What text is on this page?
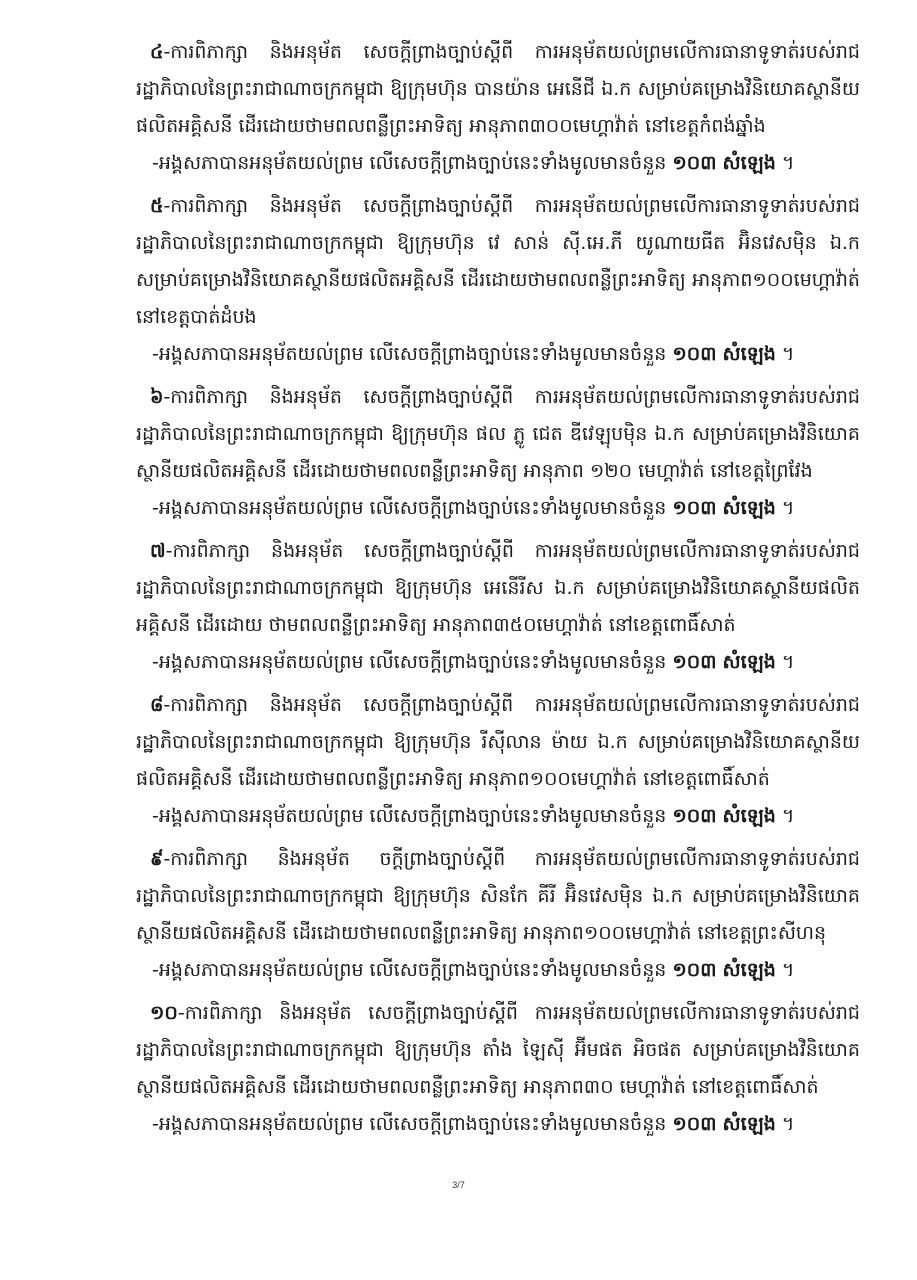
៤-ការពិភាក្សា និងអនុម័ត សេចក្តីព្រាងច្បាប់ស្តីពី ការអនុម័តយល់ព្រមលើការធានាទូទាត់របស់រាជរដ្ឋាភិបាលនៃព្រះរាជាណាចក្រកម្ពុជា ឱ្យក្រុមហ៊ុន បានយ៉ាន អេនើជី ឯ.ក សម្រាប់គម្រោងវិនិយោគស្ថានីយផលិតអគ្គិសនី ដើរដោយថាមពលពន្លឺព្រះអាទិត្យ អានុភាព៣០០មេហ្គាវ៉ាត់ នៅខេត្តកំពង់ឆ្នាំង

-អង្គសភាបានអនុម័តយល់ព្រម លើសេចក្តីព្រាងច្បាប់នេះទាំងមូលមានចំនួន ១០៣ សំឡេង ។

៥-ការពិភាក្សា និងអនុម័ត សេចក្តីព្រាងច្បាប់ស្តីពី ការអនុម័តយល់ព្រមលើការធានាទូទាត់របស់រាជរដ្ឋាភិបាលនៃព្រះរាជាណាចក្រកម្ពុជា ឱ្យក្រុមហ៊ុន វេ សាន់ ស៊ី.អេ.ភី យូណាយធីត អ៊ិនវេសម៉ិន ឯ.ក សម្រាប់គម្រោងវិនិយោគស្ថានីយផលិតអគ្គិសនី ដើរដោយថាមពលពន្លឺព្រះអាទិត្យ អានុភាព១០០មេហ្គាវ៉ាត់ នៅខេត្តបាត់ដំបង

-អង្គសភាបានអនុម័តយល់ព្រម លើសេចក្តីព្រាងច្បាប់នេះទាំងមូលមានចំនួន ១០៣ សំឡេង ។

៦-ការពិភាក្សា និងអនុម័ត សេចក្តីព្រាងច្បាប់ស្តីពី ការអនុម័តយល់ព្រមលើការធានាទូទាត់របស់រាជរដ្ឋាភិបាលនៃព្រះរាជាណាចក្រកម្ពុជា ឱ្យក្រុមហ៊ុន ផល ភ្លូ ជេត ឌីវេឡុបម៉ិន ឯ.ក សម្រាប់គម្រោងវិនិយោគស្ថានីយផលិតអគ្គិសនី ដើរដោយថាមពលពន្លឺព្រះអាទិត្យ អានុភាព ១២០ មេហ្គាវ៉ាត់ នៅខេត្តព្រៃវែង

-អង្គសភាបានអនុម័តយល់ព្រម លើសេចក្តីព្រាងច្បាប់នេះទាំងមូលមានចំនួន ១០៣ សំឡេង ។

៧-ការពិភាក្សា និងអនុម័ត សេចក្តីព្រាងច្បាប់ស្តីពី ការអនុម័តយល់ព្រមលើការធានាទូទាត់របស់រាជរដ្ឋាភិបាលនៃព្រះរាជាណាចក្រកម្ពុជា ឱ្យក្រុមហ៊ុន អេនើរីស ឯ.ក សម្រាប់គម្រោងវិនិយោគស្ថានីយផលិតអគ្គិសនី ដើរដោយ ថាមពលពន្លឺព្រះអាទិត្យ អានុភាព៣៥០មេហ្គាវ៉ាត់ នៅខេត្តពោធិ៍សាត់

-អង្គសភាបានអនុម័តយល់ព្រម លើសេចក្តីព្រាងច្បាប់នេះទាំងមូលមានចំនួន ១០៣ សំឡេង ។

៨-ការពិភាក្សា និងអនុម័ត សេចក្តីព្រាងច្បាប់ស្តីពី ការអនុម័តយល់ព្រមលើការធានាទូទាត់របស់រាជរដ្ឋាភិបាលនៃព្រះរាជាណាចក្រកម្ពុជា ឱ្យក្រុមហ៊ុន រីស៊ីលាន ម៉ាយ ឯ.ក សម្រាប់គម្រោងវិនិយោគស្ថានីយផលិតអគ្គិសនី ដើរដោយថាមពលពន្លឺព្រះអាទិត្យ អានុភាព១០០មេហ្គាវ៉ាត់ នៅខេត្តពោធិ៍សាត់

-អង្គសភាបានអនុម័តយល់ព្រម លើសេចក្តីព្រាងច្បាប់នេះទាំងមូលមានចំនួន ១០៣ សំឡេង ។

៩-ការពិភាក្សា និងអនុម័ត ចក្តីព្រាងច្បាប់ស្តីពី ការអនុម័តយល់ព្រមលើការធានាទូទាត់របស់រាជរដ្ឋាភិបាលនៃព្រះរាជាណាចក្រកម្ពុជា ឱ្យក្រុមហ៊ុន សិនកែ គីរី អ៊ិនវេសម៉ិន ឯ.ក សម្រាប់គម្រោងវិនិយោគស្ថានីយផលិតអគ្គិសនី ដើរដោយថាមពលពន្លឺព្រះអាទិត្យ អានុភាព១០០មេហ្គាវ៉ាត់ នៅខេត្តព្រះសីហនុ

-អង្គសភាបានអនុម័តយល់ព្រម លើសេចក្តីព្រាងច្បាប់នេះទាំងមូលមានចំនួន ១០៣ សំឡេង ។

១០-ការពិភាក្សា និងអនុម័ត សេចក្តីព្រាងច្បាប់ស្តីពី ការអនុម័តយល់ព្រមលើការធានាទូទាត់របស់រាជរដ្ឋាភិបាលនៃព្រះរាជាណាចក្រកម្ពុជា ឱ្យក្រុមហ៊ុន តាំង ឡៃស៊ី អ៊ីមផត អិចផត សម្រាប់គម្រោងវិនិយោគស្ថានីយផលិតអគ្គិសនី ដើរដោយថាមពលពន្លឺព្រះអាទិត្យ អានុភាព៣០ មេហ្គាវ៉ាត់ នៅខេត្តពោធិ៍សាត់

-អង្គសភាបានអនុម័តយល់ព្រម លើសេចក្តីព្រាងច្បាប់នេះទាំងមូលមានចំនួន ១០៣ សំឡេង ។

3/7
